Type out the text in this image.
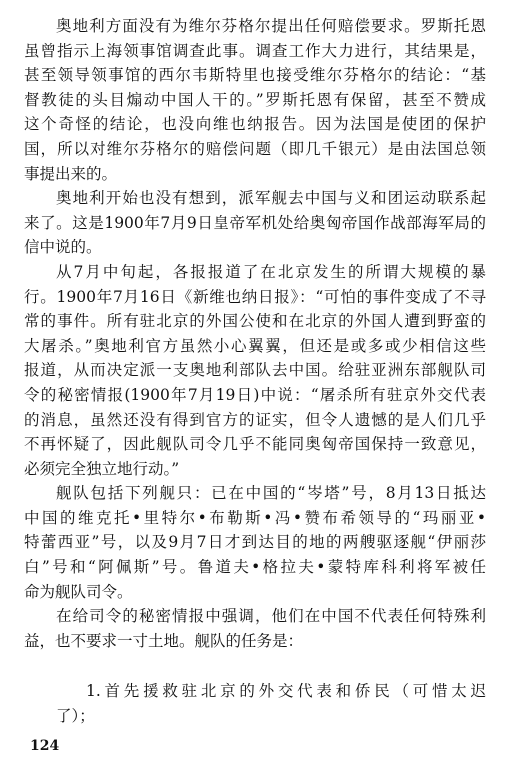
奥地利方面没有为维尔芬格尔提出任何赔偿要求。罗斯托恩
虽曾指示上海领事馆调查此事。调查工作大力进行，其结果是，
甚至领导领事馆的西尔韦斯特里也接受维尔芬格尔的结论：“基
督教徒的头目煽动中国人干的。”罗斯托恩有保留，甚至不赞成
这个奇怪的结论，也没向维也纳报告。因为法国是使团的保护
国，所以对维尔芬格尔的赔偿问题（即几千银元）是由法国总领
事提出来的。
奥地利开始也没有想到，派军舰去中国与义和团运动联系起
来了。这是1900年7月9日皇帝军机处给奥匈帝国作战部海军局的
信中说的。
从7月中旬起，各报报道了在北京发生的所谓大规模的暴
行。1900年7月16日《新维也纳日报》：“可怕的事件变成了不寻
常的事件。所有驻北京的外国公使和在北京的外国人遭到野蛮的
大屠杀。”奥地利官方虽然小心翼翼，但还是或多或少相信这些
报道，从而决定派一支奥地利部队去中国。给驻亚洲东部舰队司
令的秘密情报(1900年7月19日)中说：“屠杀所有驻京外交代表
的消息，虽然还没有得到官方的证实，但令人遗憾的是人们几乎
不再怀疑了，因此舰队司令几乎不能同奥匈帝国保持一致意见，
必须完全独立地行动。”
舰队包括下列舰只：已在中国的“岑塔”号，8月13日抵达
中国的维克托•里特尔•布勒斯•冯•赞布希领导的“玛丽亚•
特蕾西亚”号，以及9月7日才到达目的地的两艘驱逐舰“伊丽莎
白”号和“阿佩斯”号。鲁道夫•格拉夫•蒙特库科利将军被任
命为舰队司令。
在给司令的秘密情报中强调，他们在中国不代表任何特殊利
益，也不要求一寸土地。舰队的任务是：
1.首先援救驻北京的外交代表和侨民（可惜太迟
了）；
124
